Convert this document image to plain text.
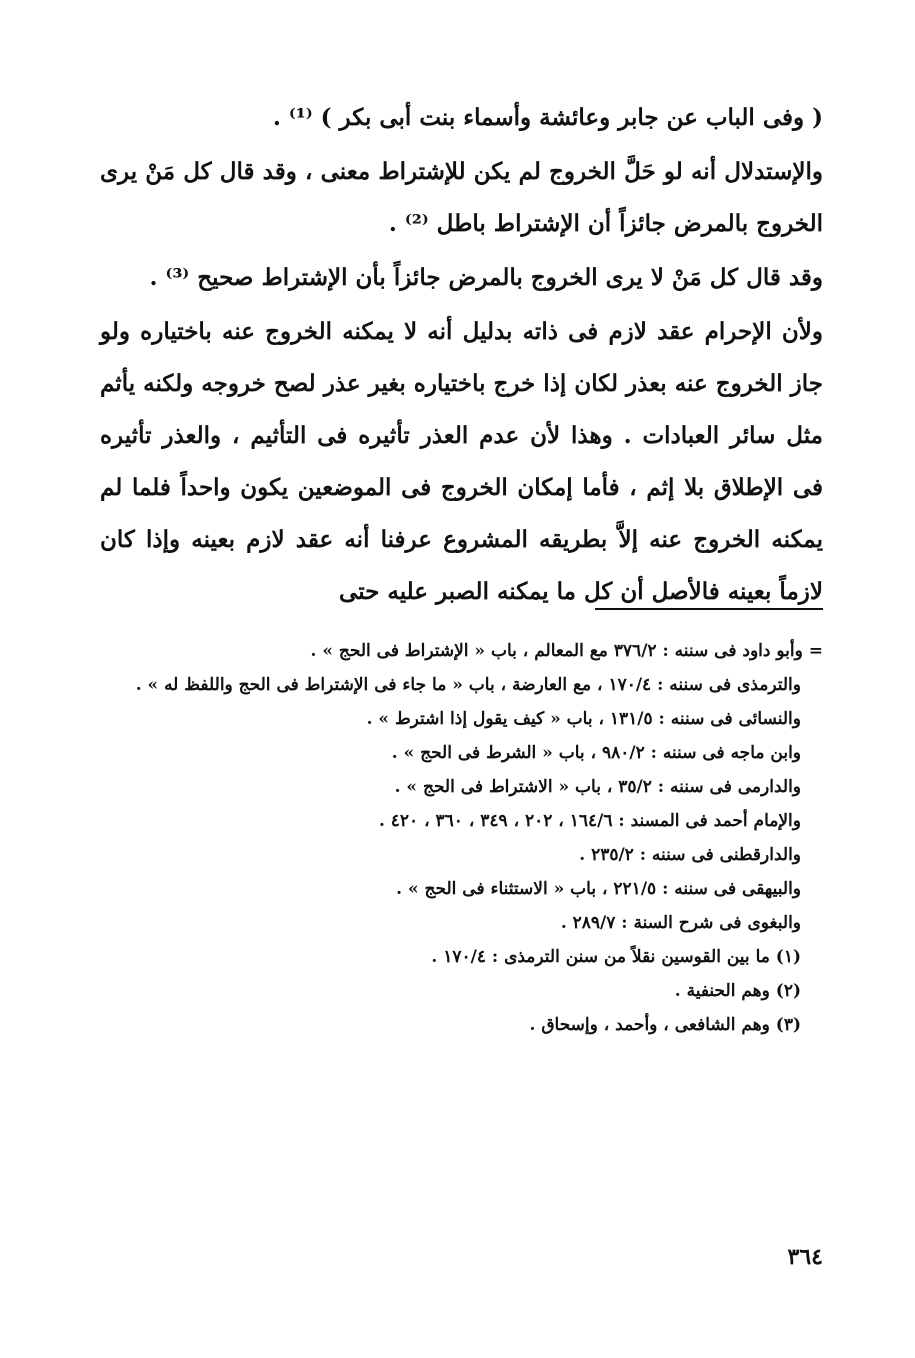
( وفى الباب عن جابر وعائشة وأسماء بنت أبى بكر ) ⁽¹⁾ .

والإستدلال أنه لو حَلَّ الخروج لم يكن للإشتراط معنى ، وقد قال كل مَنْ يرى الخروج بالمرض جائزاً أن الإشتراط باطل ⁽²⁾ .

وقد قال كل مَنْ لا يرى الخروج بالمرض جائزاً بأن الإشتراط صحيح ⁽³⁾ .

ولأن الإحرام عقد لازم فى ذاته بدليل أنه لا يمكنه الخروج عنه باختياره ولو جاز الخروج عنه بعذر لكان إذا خرج باختياره بغير عذر لصح خروجه ولكنه يأثم مثل سائر العبادات . وهذا لأن عدم العذر تأثيره فى التأثيم ، والعذر تأثيره فى الإطلاق بلا إثم ، فأما إمكان الخروج فى الموضعين يكون واحداً فلما لم يمكنه الخروج عنه إلاَّ بطريقه المشروع عرفنا أنه عقد لازم بعينه وإذا كان لازماً بعينه فالأصل أن كل ما يمكنه الصبر عليه حتى

= وأبو داود فى سننه : ٣٧٦/٢ مع المعالم ، باب « الإشتراط فى الحج » .

والترمذى فى سننه : ١٧٠/٤ ، مع العارضة ، باب « ما جاء فى الإشتراط فى الحج واللفظ له » .

والنسائى فى سننه : ١٣١/٥ ، باب « كيف يقول إذا اشترط » .

وابن ماجه فى سننه : ٩٨٠/٢ ، باب « الشرط فى الحج » .

والدارمى فى سننه : ٣٥/٢ ، باب « الاشتراط فى الحج » .

والإمام أحمد فى المسند : ١٦٤/٦ ، ٢٠٢ ، ٣٤٩ ، ٣٦٠ ، ٤٢٠ .

والدارقطنى فى سننه : ٢٣٥/٢ .

والبيهقى فى سننه : ٢٢١/٥ ، باب « الاستثناء فى الحج » .

والبغوى فى شرح السنة : ٢٨٩/٧ .

(١) ما بين القوسين نقلاً من سنن الترمذى : ١٧٠/٤ .

(٢) وهم الحنفية .

(٣) وهم الشافعى ، وأحمد ، وإسحاق .

٣٦٤
